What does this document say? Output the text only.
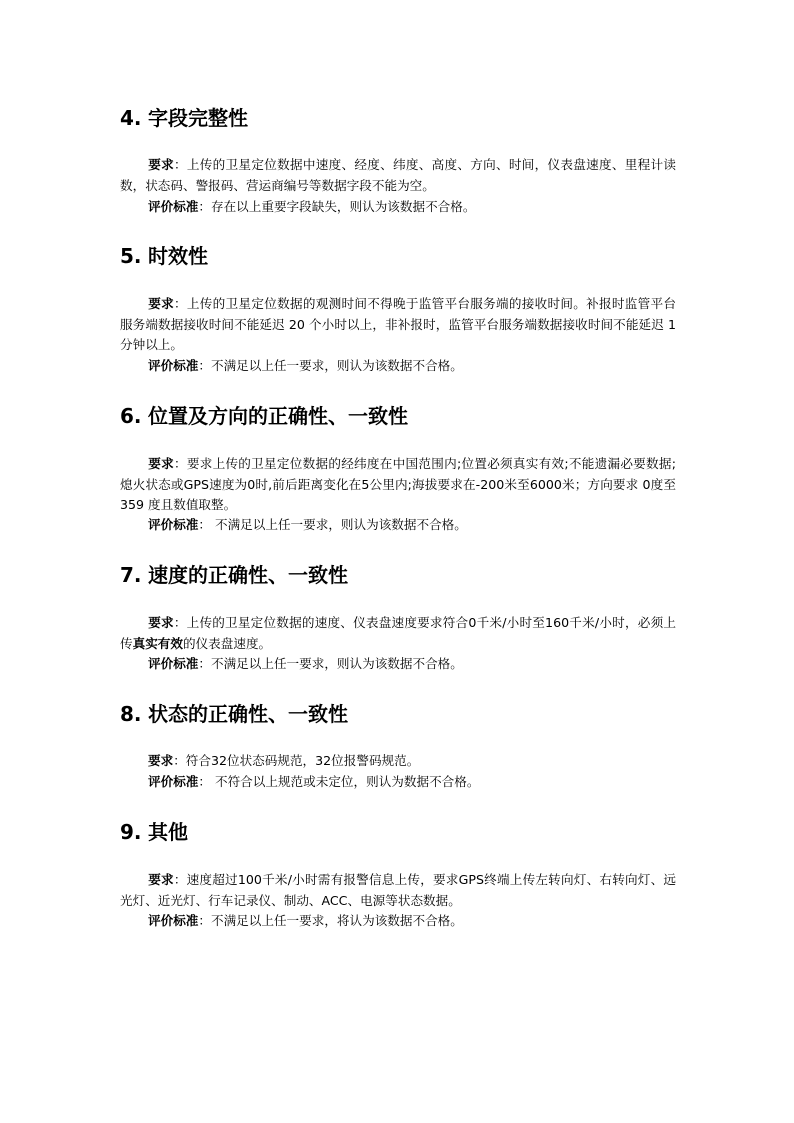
4. 字段完整性

要求：上传的卫星定位数据中速度、经度、纬度、高度、方向、时间，仪表盘速度、里程计读数，状态码、警报码、营运商编号等数据字段不能为空。

评价标准：存在以上重要字段缺失，则认为该数据不合格。

5. 时效性

要求：上传的卫星定位数据的观测时间不得晚于监管平台服务端的接收时间。补报时监管平台服务端数据接收时间不能延迟 20 个小时以上，非补报时，监管平台服务端数据接收时间不能延迟 1 分钟以上。

评价标准：不满足以上任一要求，则认为该数据不合格。

6. 位置及方向的正确性、一致性

要求：要求上传的卫星定位数据的经纬度在中国范围内;位置必须真实有效;不能遗漏必要数据;熄火状态或GPS速度为0时,前后距离变化在5公里内;海拔要求在-200米至6000米；方向要求 0度至359 度且数值取整。

评价标准： 不满足以上任一要求，则认为该数据不合格。

7. 速度的正确性、一致性

要求：上传的卫星定位数据的速度、仪表盘速度要求符合0千米/小时至160千米/小时，必须上传真实有效的仪表盘速度。

评价标准：不满足以上任一要求，则认为该数据不合格。

8. 状态的正确性、一致性

要求：符合32位状态码规范，32位报警码规范。

评价标准： 不符合以上规范或未定位，则认为数据不合格。

9. 其他

要求：速度超过100千米/小时需有报警信息上传，要求GPS终端上传左转向灯、右转向灯、远光灯、近光灯、行车记录仪、制动、ACC、电源等状态数据。

评价标准：不满足以上任一要求，将认为该数据不合格。
